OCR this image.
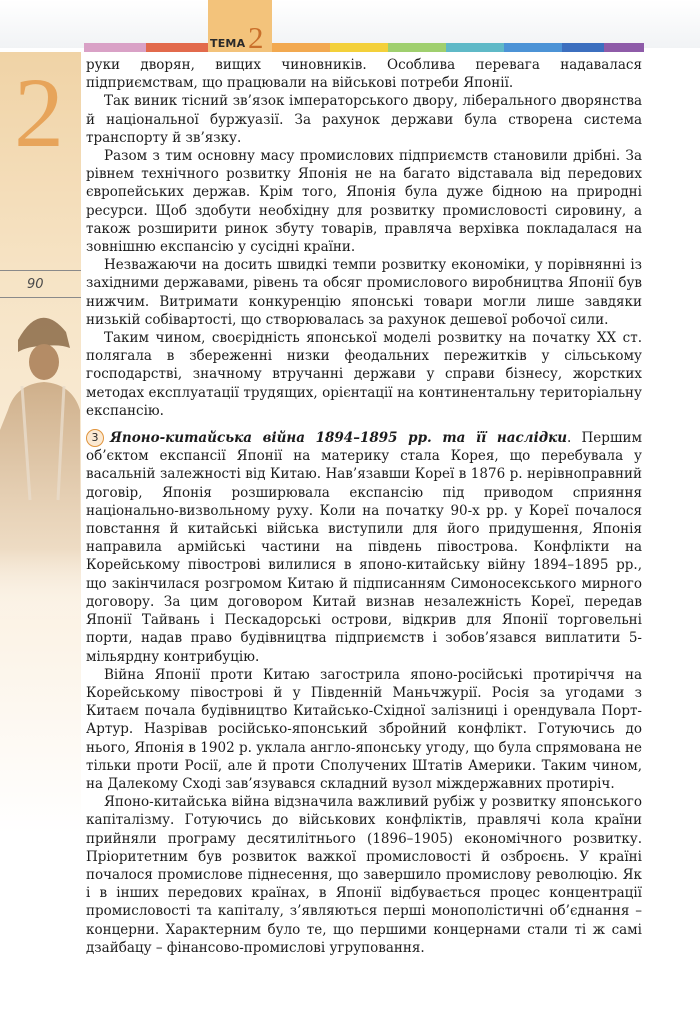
ТЕМА 2
2
90

руки дворян, вищих чиновників. Особлива перевага надавалася підприємствам, що працювали на військові потреби Японії.

Так виник тісний зв’язок імператорського двору, ліберального дворянства й національної буржуазії. За рахунок держави була створена система транспорту й зв’язку.

Разом з тим основну масу промислових підприємств становили дрібні. За рівнем технічного розвитку Японія не на багато відставала від передових європейських держав. Крім того, Японія була дуже бідною на природні ресурси. Щоб здобути необхідну для розвитку промисловості сировину, а також розширити ринок збуту товарів, правляча верхівка покладалася на зовнішню експансію у сусідні країни.

Незважаючи на досить швидкі темпи розвитку економіки, у порівнянні із західними державами, рівень та обсяг промислового виробництва Японії був нижчим. Витримати конкуренцію японські товари могли лише завдяки низькій собівартості, що створювалась за рахунок дешевої робочої сили.

Таким чином, своєрідність японської моделі розвитку на початку XX ст. полягала в збереженні низки феодальних пережитків у сільському господарстві, значному втручанні держави у справи бізнесу, жорстких методах експлуатації трудящих, орієнтації на континентальну територіальну експансію.

3 Японо-китайська війна 1894–1895 рр. та її наслідки. Першим об’єктом експансії Японії на материку стала Корея, що перебувала у васальній залежності від Китаю. Нав’язавши Кореї в 1876 р. нерівноправний договір, Японія розширювала експансію під приводом сприяння національно-визвольному руху. Коли на початку 90-х рр. у Кореї почалося повстання й китайські війська виступили для його придушення, Японія направила армійські частини на південь півострова. Конфлікти на Корейському півострові вилилися в японо-китайську війну 1894–1895 рр., що закінчилася розгромом Китаю й підписанням Симоносекського мирного договору. За цим договором Китай визнав незалежність Кореї, передав Японії Тайвань і Пескадорські острови, відкрив для Японії торговельні порти, надав право будівництва підприємств і зобов’язався виплатити 5-мільярдну контрибуцію.

Війна Японії проти Китаю загострила японо-російські протиріччя на Корейському півострові й у Південній Маньчжурії. Росія за угодами з Китаєм почала будівництво Китайсько-Східної залізниці і орендувала Порт-Артур. Назрівав російсько-японський збройний конфлікт. Готуючись до нього, Японія в 1902 р. уклала англо-японську угоду, що була спрямована не тільки проти Росії, але й проти Сполучених Штатів Америки. Таким чином, на Далекому Сході зав’язувався складний вузол міждержавних протиріч.

Японо-китайська війна відзначила важливий рубіж у розвитку японського капіталізму. Готуючись до військових конфліктів, правлячі кола країни прийняли програму десятилітнього (1896–1905) економічного розвитку. Пріоритетним був розвиток важкої промисловості й озброєнь. У країні почалося промислове піднесення, що завершило промислову революцію. Як і в інших передових країнах, в Японії відбувається процес концентрації промисловості та капіталу, з’являються перші монополістичні об’єднання – концерни. Характерним було те, що першими концернами стали ті ж самі дзайбацу – фінансово-промислові угруповання.
